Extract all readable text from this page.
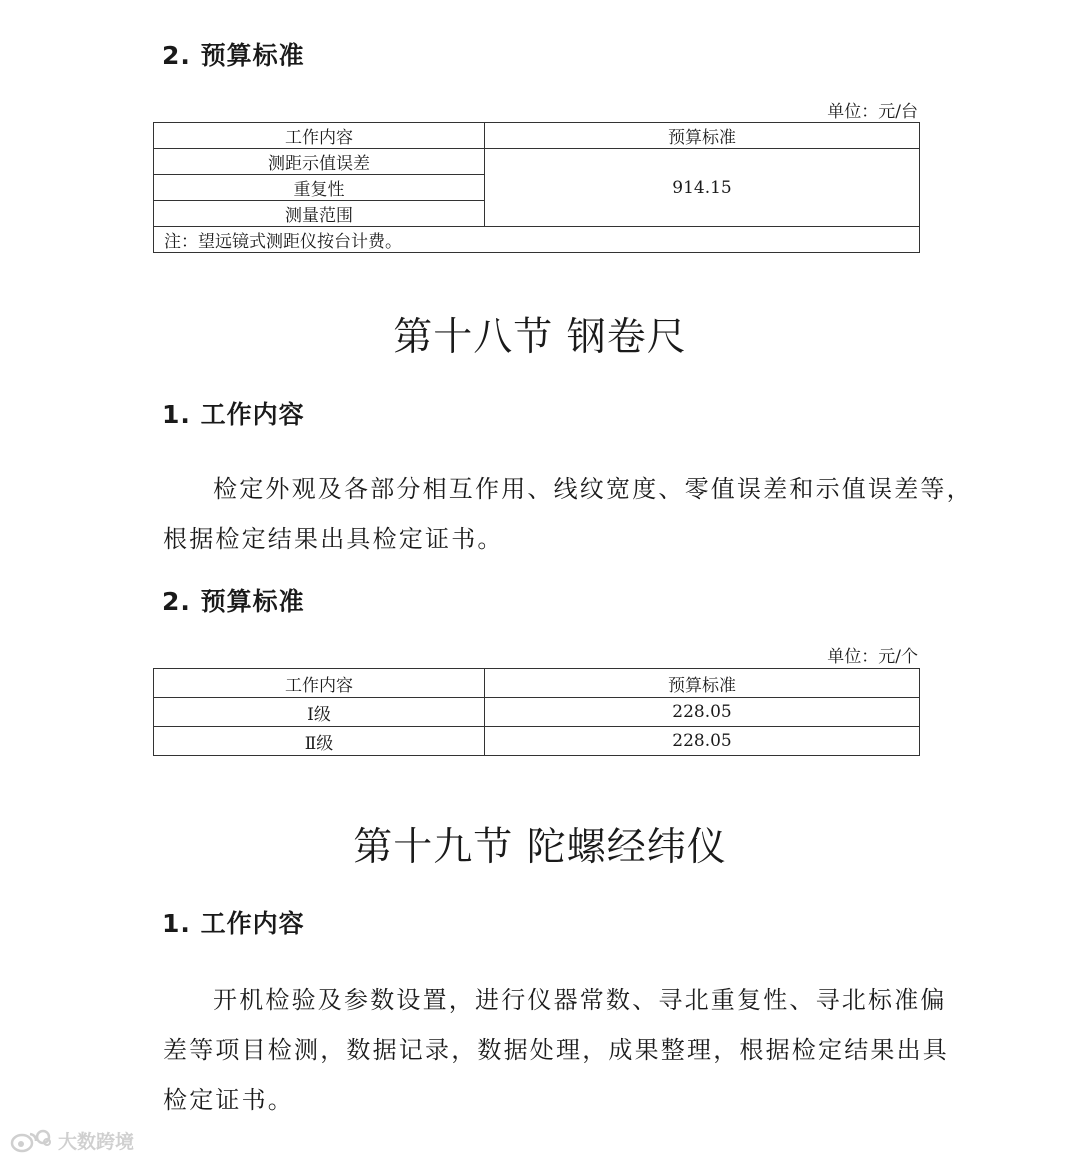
2. 预算标准
单位：元/台
工作内容	预算标准
测距示值误差	914.15
重复性	
测量范围	
注：望远镜式测距仪按台计费。	
第十八节 钢卷尺
1. 工作内容
检定外观及各部分相互作用、线纹宽度、零值误差和示值误差等，
根据检定结果出具检定证书。
2. 预算标准
单位：元/个
工作内容	预算标准
Ⅰ级	228.05
Ⅱ级	228.05
第十九节 陀螺经纬仪
1. 工作内容
开机检验及参数设置，进行仪器常数、寻北重复性、寻北标准偏
差等项目检测，数据记录，数据处理，成果整理，根据检定结果出具
检定证书。
大数跨境
